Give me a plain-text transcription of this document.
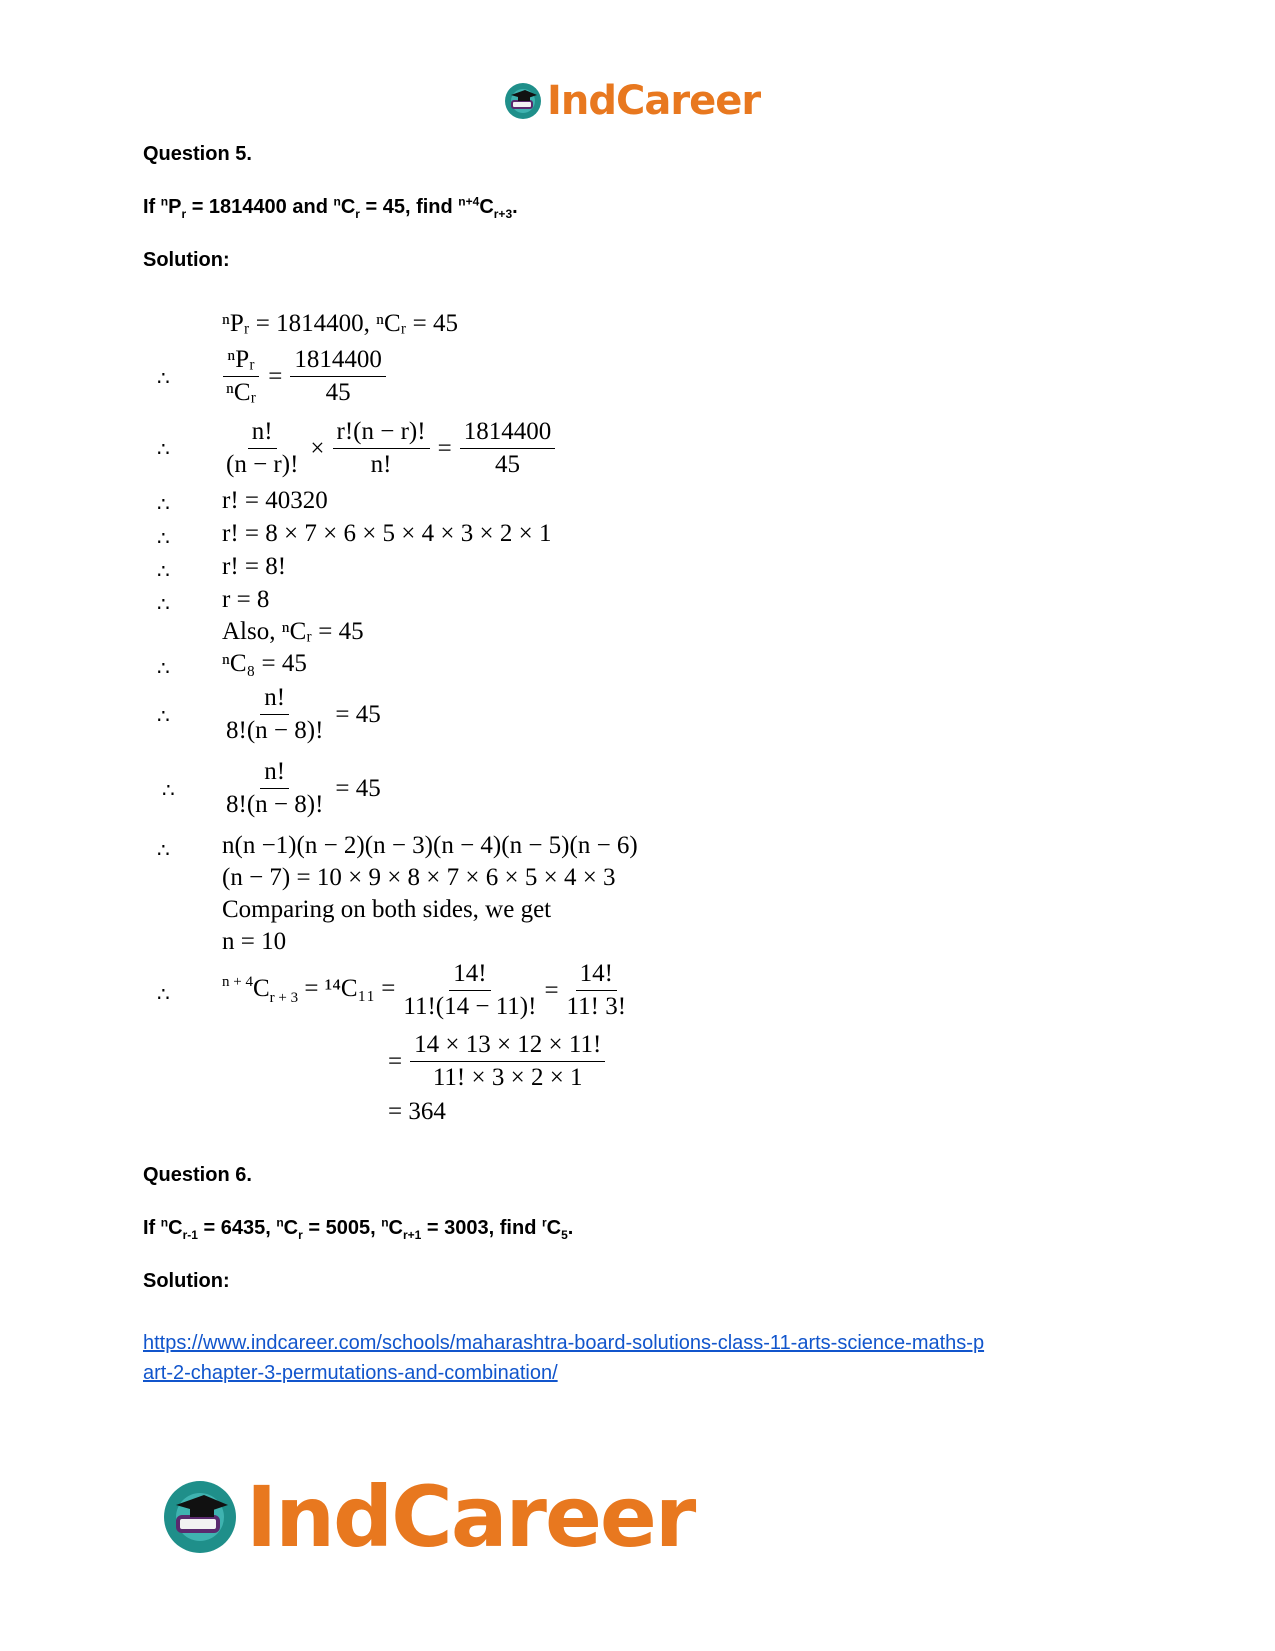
IndCareer
Question 5.
If $^nP_r = 1814400$ and $^nC_r = 45$, find $^{n+4}C_{r+3}$.
Solution:
ⁿPᵣ = 1814400, ⁿCᵣ = 45
∴ $\frac{\text{ⁿPᵣ}}{\text{ⁿCᵣ}} = \frac{1814400}{45}$
∴ $\frac{n!}{(n - r)!} \times \frac{r!(n - r)!}{n!} = \frac{1814400}{45}$
∴ r! = 40320
∴ r! = 8 × 7 × 6 × 5 × 4 × 3 × 2 × 1
∴ r! = 8!
∴ r = 8
Also, ⁿCᵣ = 45
∴ ⁿC₈ = 45
∴ $\frac{n!}{8!(n - 8)!} = 45$
∴ $\frac{n!}{8!(n - 8)!} = 45$
∴ n(n −1)(n − 2)(n − 3)(n − 4)(n − 5)(n − 6)
(n − 7) = 10 × 9 × 8 × 7 × 6 × 5 × 4 × 3
Comparing on both sides, we get
n = 10
∴	$^{n + 4}C_{r + 3} = ^{14}C_{11} = \frac{14!}{11!(14 - 11)!} = \frac{14!}{11! 3!}$
= $\frac{14 \times 13 \times 12 \times 11!}{11! \times 3 \times 2 \times 1}$
= 364
Question 6.
If $^nC_{r-1} = 6435$, $^nC_r = 5005$, $^nC_{r+1} = 3003$, find $^rC_5$.
Solution:
https://www.indcareer.com/schools/maharashtra-board-solutions-class-11-arts-science-maths-p
art-2-chapter-3-permutations-and-combination/
IndCareer
